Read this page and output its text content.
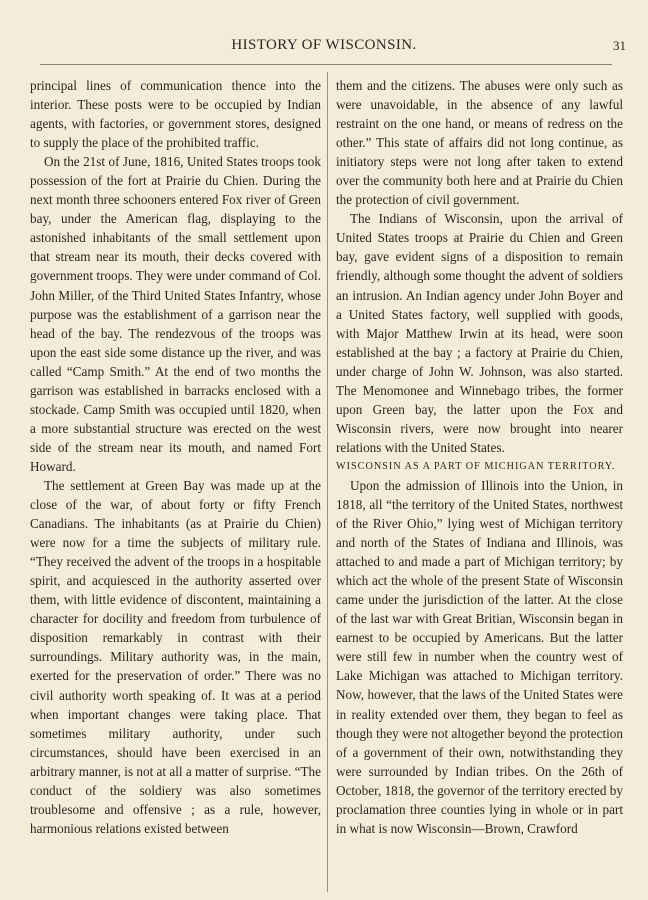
HISTORY OF WISCONSIN.	31

principal lines of communication thence into the interior. These posts were to be occupied by Indian agents, with factories, or government stores, designed to supply the place of the prohibited traffic.

On the 21st of June, 1816, United States troops took possession of the fort at Prairie du Chien. During the next month three schooners entered Fox river of Green bay, under the American flag, displaying to the astonished inhabitants of the small settlement upon that stream near its mouth, their decks covered with government troops. They were under command of Col. John Miller, of the Third United States Infantry, whose purpose was the establishment of a garrison near the head of the bay. The rendezvous of the troops was upon the east side some distance up the river, and was called “Camp Smith.” At the end of two months the garrison was established in barracks enclosed with a stockade. Camp Smith was occupied until 1820, when a more substantial structure was erected on the west side of the stream near its mouth, and named Fort Howard.

The settlement at Green Bay was made up at the close of the war, of about forty or fifty French Canadians. The inhabitants (as at Prairie du Chien) were now for a time the subjects of military rule. “They received the advent of the troops in a hospitable spirit, and acquiesced in the authority asserted over them, with little evidence of discontent, maintaining a character for docility and freedom from turbulence of disposition remarkably in contrast with their surroundings. Military authority was, in the main, exerted for the preservation of order.” There was no civil authority worth speaking of. It was at a period when important changes were taking place. That sometimes military authority, under such circumstances, should have been exercised in an arbitrary manner, is not at all a matter of surprise. “The conduct of the soldiery was also sometimes troublesome and offensive ; as a rule, however, harmonious relations existed between

them and the citizens. The abuses were only such as were unavoidable, in the absence of any lawful restraint on the one hand, or means of redress on the other.” This state of affairs did not long continue, as initiatory steps were not long after taken to extend over the community both here and at Prairie du Chien the protection of civil government.

The Indians of Wisconsin, upon the arrival of United States troops at Prairie du Chien and Green bay, gave evident signs of a disposition to remain friendly, although some thought the advent of soldiers an intrusion. An Indian agency under John Boyer and a United States factory, well supplied with goods, with Major Matthew Irwin at its head, were soon established at the bay ; a factory at Prairie du Chien, under charge of John W. Johnson, was also started. The Menomonee and Winnebago tribes, the former upon Green bay, the latter upon the Fox and Wisconsin rivers, were now brought into nearer relations with the United States.

WISCONSIN AS A PART OF MICHIGAN TERRITORY.

Upon the admission of Illinois into the Union, in 1818, all “the territory of the United States, northwest of the River Ohio,” lying west of Michigan territory and north of the States of Indiana and Illinois, was attached to and made a part of Michigan territory; by which act the whole of the present State of Wisconsin came under the jurisdiction of the latter. At the close of the last war with Great Britian, Wisconsin began in earnest to be occupied by Americans. But the latter were still few in number when the country west of Lake Michigan was attached to Michigan territory. Now, however, that the laws of the United States were in reality extended over them, they began to feel as though they were not altogether beyond the protection of a government of their own, notwithstanding they were surrounded by Indian tribes. On the 26th of October, 1818, the governor of the territory erected by proclamation three counties lying in whole or in part in what is now Wisconsin—Brown, Crawford
